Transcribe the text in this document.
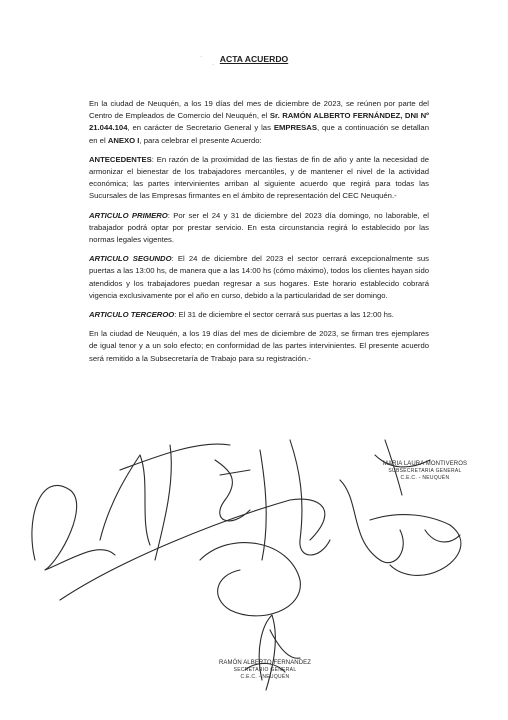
ACTA ACUERDO

En la ciudad de Neuquén, a los 19 días del mes de diciembre de 2023, se reúnen por parte del Centro de Empleados de Comercio del Neuquén, el Sr. RAMÓN ALBERTO FERNÁNDEZ, DNI Nº 21.044.104, en carácter de Secretario General y las EMPRESAS, que a continuación se detallan en el ANEXO I, para celebrar el presente Acuerdo:

ANTECEDENTES: En razón de la proximidad de las fiestas de fin de año y ante la necesidad de armonizar el bienestar de los trabajadores mercantiles, y de mantener el nivel de la actividad económica; las partes intervinientes arriban al siguiente acuerdo que regirá para todas las Sucursales de las Empresas firmantes en el ámbito de representación del CEC Neuquén.-

ARTICULO PRIMERO: Por ser el 24 y 31 de diciembre del 2023 día domingo, no laborable, el trabajador podrá optar por prestar servicio. En esta circunstancia regirá lo establecido por las normas legales vigentes.

ARTICULO SEGUNDO: El 24 de diciembre del 2023 el sector cerrará excepcionalmente sus puertas a las 13:00 hs, de manera que a las 14:00 hs (cómo máximo), todos los clientes hayan sido atendidos y los trabajadores puedan regresar a sus hogares. Este horario establecido cobrará vigencia exclusivamente por el año en curso, debido a la particularidad de ser domingo.

ARTICULO TERCEROO: El 31 de diciembre el sector cerrará sus puertas a las 12:00 hs.

En la ciudad de Neuquén, a los 19 días del mes de diciembre de 2023, se firman tres ejemplares de igual tenor y a un solo efecto; en conformidad de las partes intervinientes. El presente acuerdo será remitido a la Subsecretaría de Trabajo para su registración.-

·
·
MARIA LAURA MONTIVEROS
SUBSECRETARIA GENERAL
C.E.C. - NEUQUÉN
RAMÓN ALBERTO FERNANDEZ
SECRETARIO GENERAL
C.E.C. - NEUQUÉN
